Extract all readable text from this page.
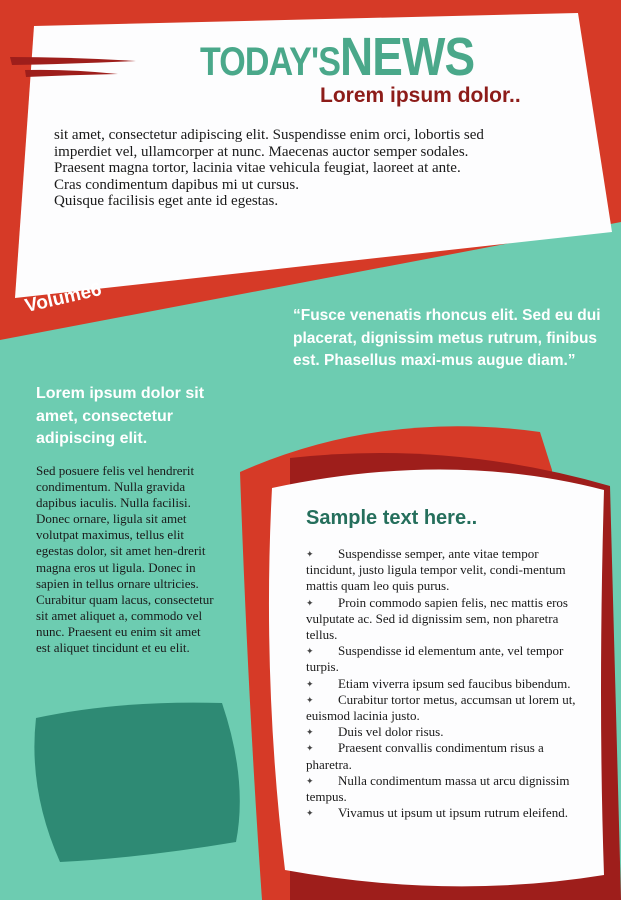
TODAY'S NEWS
Lorem ipsum dolor..
sit amet, consectetur adipiscing elit. Suspendisse enim orci, lobortis sed
imperdiet vel, ullamcorper at nunc. Maecenas auctor semper sodales.
Praesent magna tortor, lacinia vitae vehicula feugiat, laoreet at ante.
Cras condimentum dapibus mi ut cursus.
Quisque facilisis eget ante id egestas.
Volume6	“Fusce venenatis rhoncus elit. Sed eu dui placerat, dignissim metus rutrum, finibus est. Phasellus maxi-mus augue diam.”
Lorem ipsum dolor sit amet, consectetur adipiscing elit.
Sed posuere felis vel hendrerit condimentum. Nulla gravida dapibus iaculis. Nulla facilisi. Donec ornare, ligula sit amet volutpat maximus, tellus elit egestas dolor, sit amet hen-drerit magna eros ut ligula. Donec in sapien in tellus ornare ultricies. Curabitur quam lacus, consectetur sit amet aliquet a, commodo vel nunc. Praesent eu enim sit amet est aliquet tincidunt et eu elit.
Sample text here..
✦ Suspendisse semper, ante vitae tempor tincidunt, justo ligula tempor velit, condi-mentum mattis quam leo quis purus.
✦ Proin commodo sapien felis, nec mattis eros vulputate ac. Sed id dignissim sem, non pharetra tellus.
✦ Suspendisse id elementum ante, vel tempor turpis.
✦ Etiam viverra ipsum sed faucibus bibendum.
✦ Curabitur tortor metus, accumsan ut lorem ut, euismod lacinia justo.
✦ Duis vel dolor risus.
✦ Praesent convallis condimentum risus a pharetra.
✦ Nulla condimentum massa ut arcu dignissim tempus.
✦ Vivamus ut ipsum ut ipsum rutrum eleifend.
